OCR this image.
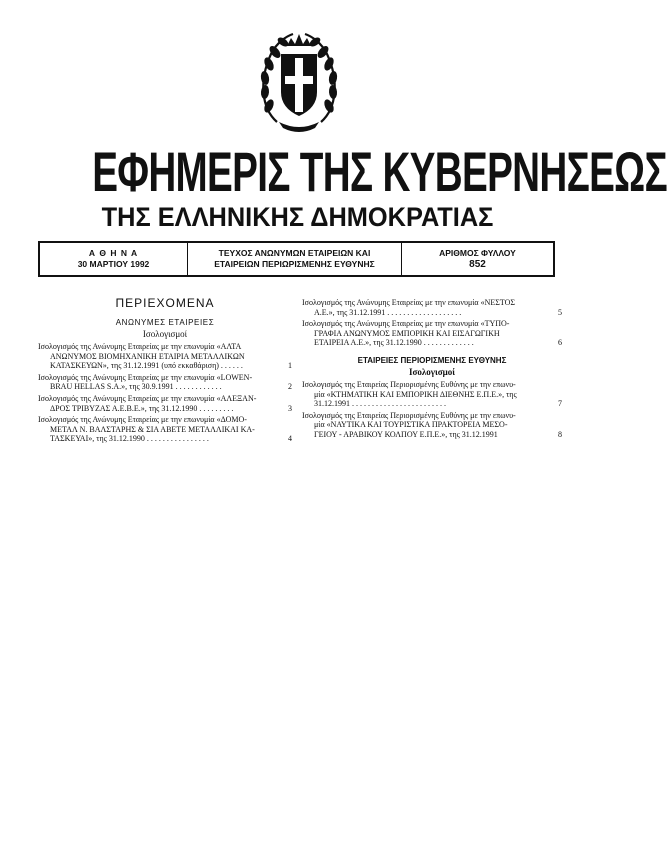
ΕΦΗΜΕΡΙΣ ΤΗΣ ΚΥΒΕΡΝΗΣΕΩΣ
ΤΗΣ ΕΛΛΗΝΙΚΗΣ ΔΗΜΟΚΡΑΤΙΑΣ
Α Θ Η Ν Α
30 ΜΑΡΤΙΟΥ 1992
ΤΕΥΧΟΣ ΑΝΩΝΥΜΩΝ ΕΤΑΙΡΕΙΩΝ ΚΑΙ
ΕΤΑΙΡΕΙΩΝ ΠΕΡΙΩΡΙΣΜΕΝΗΣ ΕΥΘΥΝΗΣ
ΑΡΙΘΜΟΣ ΦΥΛΛΟΥ
852
ΠΕΡΙΕΧΟΜΕΝΑ
ΑΝΩΝΥΜΕΣ ΕΤΑΙΡΕΙΕΣ
Ισολογισμοί

Ισολογισμός της Ανώνυμης Εταιρείας με την επωνυμία «ΑΛΤΑ

ΑΝΩΝΥΜΟΣ ΒΙΟΜΗΧΑΝΙΚΗ ΕΤΑΙΡΙΑ ΜΕΤΑΛΛΙΚΩΝ

ΚΑΤΑΣΚΕΥΩΝ», της 31.12.1991 (υπό εκκαθάριση) . . . . . .	1

Ισολογισμός της Ανώνυμης Εταιρείας με την επωνυμία «LOWEN-

BRAU HELLAS S.A.», της 30.9.1991 . . . . . . . . . . . .	2

Ισολογισμός της Ανώνυμης Εταιρείας με την επωνυμία «ΑΛΕΞΑΝ-

ΔΡΟΣ ΤΡΙΒΥΖΑΣ Α.Ε.Β.Ε.», της 31.12.1990 . . . . . . . . .	3

Ισολογισμός της Ανώνυμης Εταιρείας με την επωνυμία «ΔΟΜΟ-

ΜΕΤΑΛ Ν. ΒΑΛΣΤΑΡΗΣ & ΣΙΑ ΑΒΕΤΕ ΜΕΤΑΛΛΙΚΑΙ ΚΑ-

ΤΑΣΚΕΥΑΙ», της 31.12.1990 . . . . . . . . . . . . . . . .	4

Ισολογισμός της Ανώνυμης Εταιρείας με την επωνυμία «ΝΕΣΤΟΣ

Α.Ε.», της 31.12.1991 . . . . . . . . . . . . . . . . . . .	5

Ισολογισμός της Ανώνυμης Εταιρείας με την επωνυμία «ΤΥΠΟ-

ΓΡΑΦΙΑ ΑΝΩΝΥΜΟΣ ΕΜΠΟΡΙΚΗ ΚΑΙ ΕΙΣΑΓΩΓΙΚΗ

ΕΤΑΙΡΕΙΑ Α.Ε.», της 31.12.1990 . . . . . . . . . . . . .	6
ΕΤΑΙΡΕΙΕΣ ΠΕΡΙΟΡΙΣΜΕΝΗΣ ΕΥΘΥΝΗΣ
Ισολογισμοί

Ισολογισμός της Εταιρείας Περιορισμένης Ευθύνης με την επωνυ-

μία «ΚΤΗΜΑΤΙΚΗ ΚΑΙ ΕΜΠΟΡΙΚΗ ΔΙΕΘΝΗΣ Ε.Π.Ε.», της

31.12.1991 . . . . . . . . . . . . . . . . . . . . . . . .	7

Ισολογισμός της Εταιρείας Περιορισμένης Ευθύνης με την επωνυ-

μία «ΝΑΥΤΙΚΑ ΚΑΙ ΤΟΥΡΙΣΤΙΚΑ ΠΡΑΚΤΟΡΕΙΑ ΜΕΣΟ-

ΓΕΙΟΥ - ΑΡΑΒΙΚΟΥ ΚΟΛΠΟΥ Ε.Π.Ε.», της 31.12.1991	8
